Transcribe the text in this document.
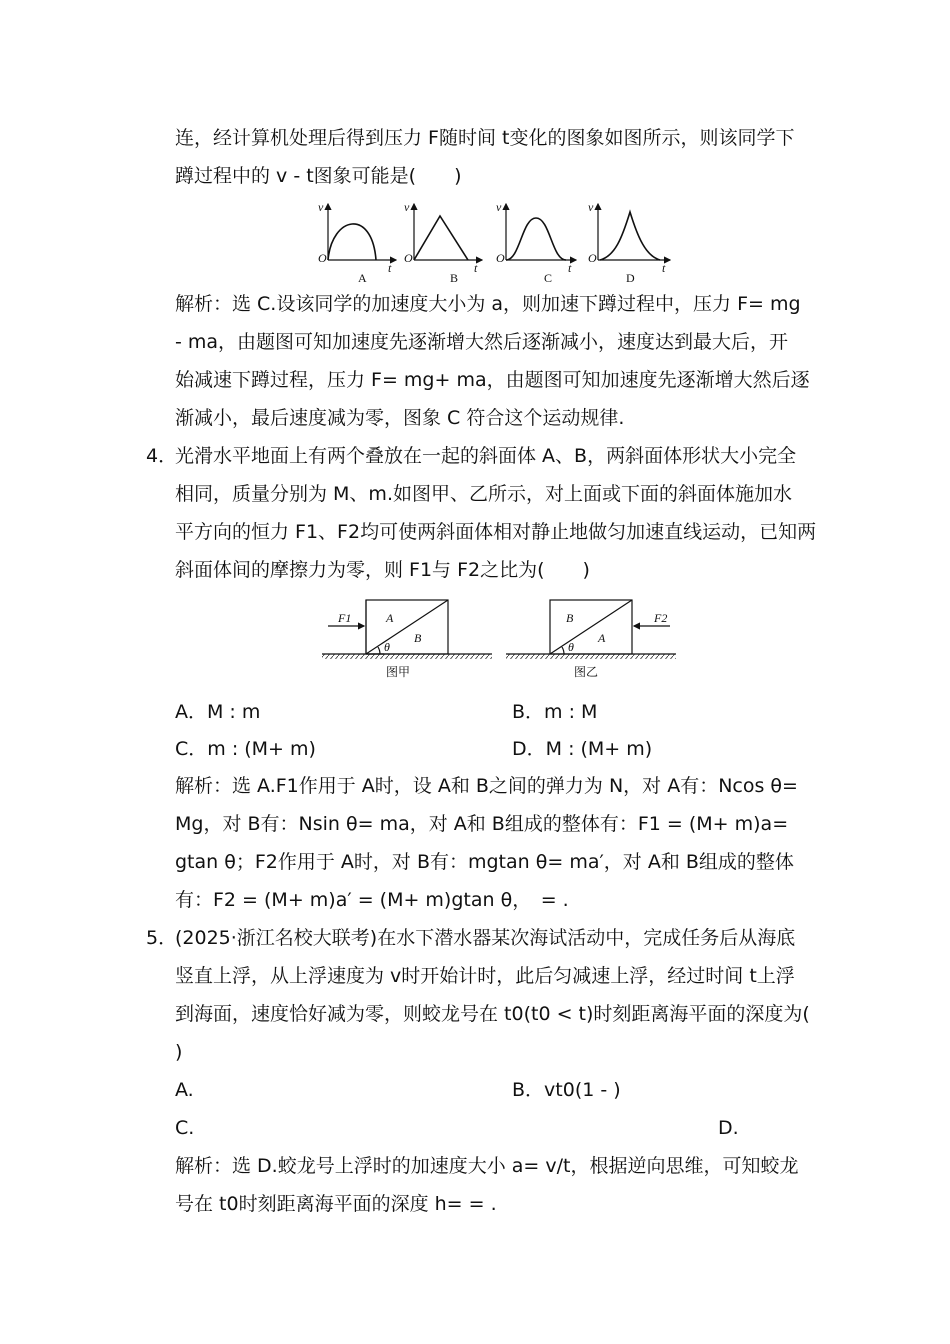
连，经计算机处理后得到压力 F随时间 t变化的图象如图所示，则该同学下
蹲过程中的 v - t图象可能是(　　)
v
t
v
t
v
t
v
t
O	O	O	O
A	B	C	D
解析：选 C.设该同学的加速度大小为 a，则加速下蹲过程中，压力 F= mg
- ma，由题图可知加速度先逐渐增大然后逐渐减小，速度达到最大后，开
始减速下蹲过程，压力 F= mg+ ma，由题图可知加速度先逐渐增大然后逐
渐减小，最后速度减为零，图象 C 符合这个运动规律.
4．
光滑水平地面上有两个叠放在一起的斜面体 A、B，两斜面体形状大小完全
相同，质量分别为 M、m.如图甲、乙所示，对上面或下面的斜面体施加水
平方向的恒力 F1、F2均可使两斜面体相对静止地做匀加速直线运动，已知两
斜面体间的摩擦力为零，则 F1与 F2之比为(　　)
F1	A
B
θ
F2
B
A
θ
图甲	图乙
A．M : m	B．m : M
C．m : (M+ m)	D．M : (M+ m)
解析：选 A.F1作用于 A时，设 A和 B之间的弹力为 N，对 A有：Ncos θ=
Mg，对 B有：Nsin θ= ma，对 A和 B组成的整体有：F1 = (M+ m)a=
gtan θ；F2作用于 A时，对 B有：mgtan θ= ma′，对 A和 B组成的整体
有：F2 = (M+ m)a′ = (M+ m)gtan θ，　= .
5．
(2025·浙江名校大联考)在水下潜水器某次海试活动中，完成任务后从海底
竖直上浮，从上浮速度为 v时开始计时，此后匀减速上浮，经过时间 t上浮
到海面，速度恰好减为零，则蛟龙号在 t0(t0 < t)时刻距离海平面的深度为(
)
A.	B．vt0(1 - )
C.	D.
解析：选 D.蛟龙号上浮时的加速度大小 a= v/t，根据逆向思维，可知蛟龙
号在 t0时刻距离海平面的深度 h= = .
